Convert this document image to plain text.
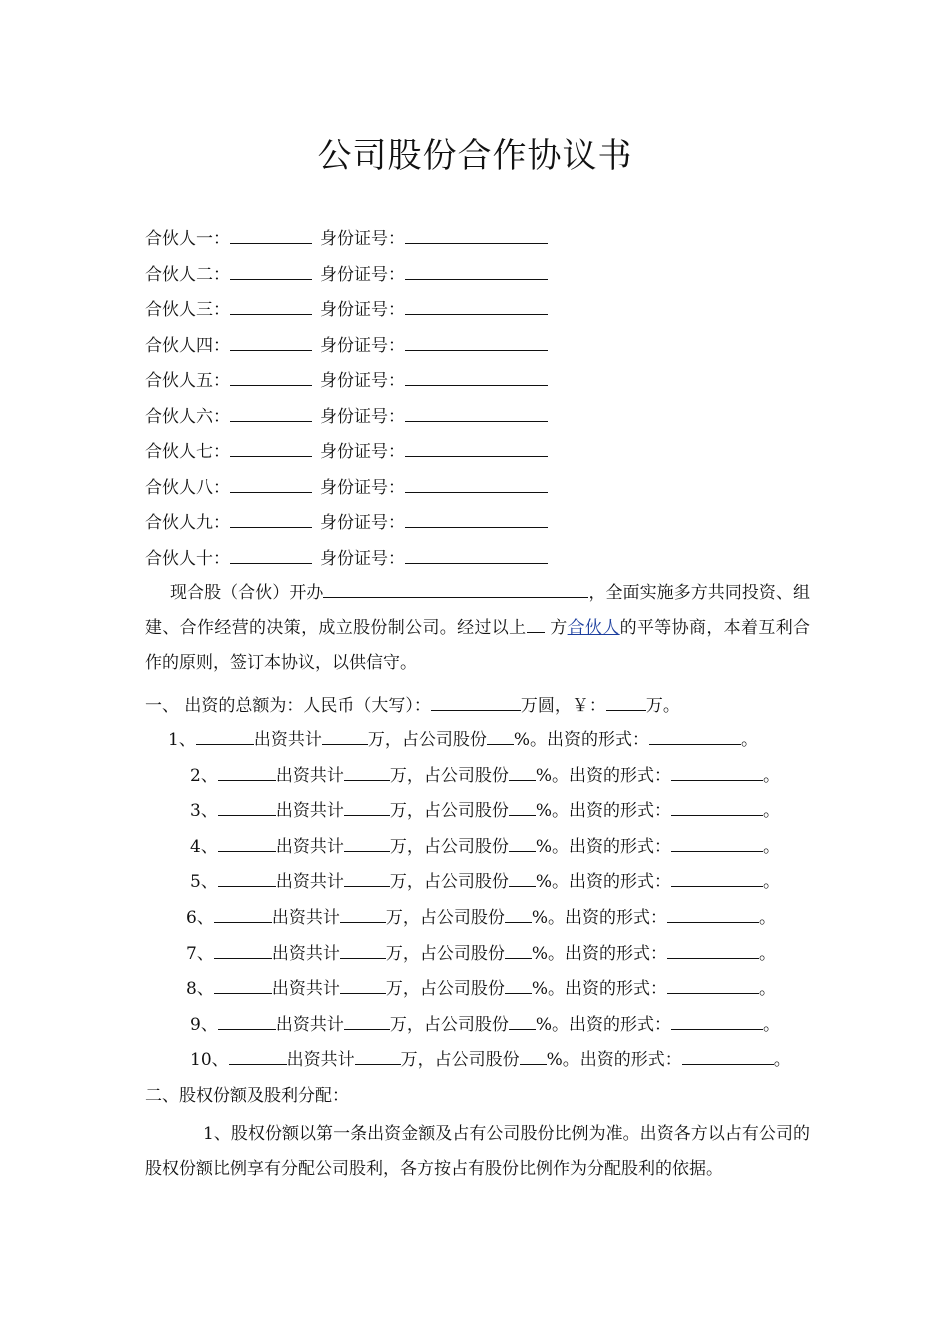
公司股份合作协议书
合伙人一：	身份证号：
合伙人二：	身份证号：
合伙人三：	身份证号：
合伙人四：	身份证号：
合伙人五：	身份证号：
合伙人六：	身份证号：
合伙人七：	身份证号：
合伙人八：	身份证号：
合伙人九：	身份证号：
合伙人十：	身份证号：
现合股（合伙）开办	，全面实施多方共同投资、组建、合作经营的决策，成立股份制公司。经过以上 方合伙人的平等协商，本着互利合作的原则，签订本协议，以供信守。
一、 出资的总额为：人民币（大写）：	万圆，￥： 万。
1、	出资共计	万，占公司股份 %。出资的形式：	。
2、	出资共计	万，占公司股份 %。出资的形式：	。
3、	出资共计	万，占公司股份 %。出资的形式：	。
4、	出资共计	万，占公司股份 %。出资的形式：	。
5、	出资共计	万，占公司股份 %。出资的形式：	。
6、	出资共计	万，占公司股份 %。出资的形式：	。
7、	出资共计	万，占公司股份 %。出资的形式：	。
8、	出资共计	万，占公司股份 %。出资的形式：	。
9、	出资共计	万，占公司股份 %。出资的形式：	。
10、	出资共计	万，占公司股份 %。出资的形式：	。
二、股权份额及股利分配：
1、股权份额以第一条出资金额及占有公司股份比例为准。出资各方以占有公司的股权份额比例享有分配公司股利，各方按占有股份比例作为分配股利的依据。
